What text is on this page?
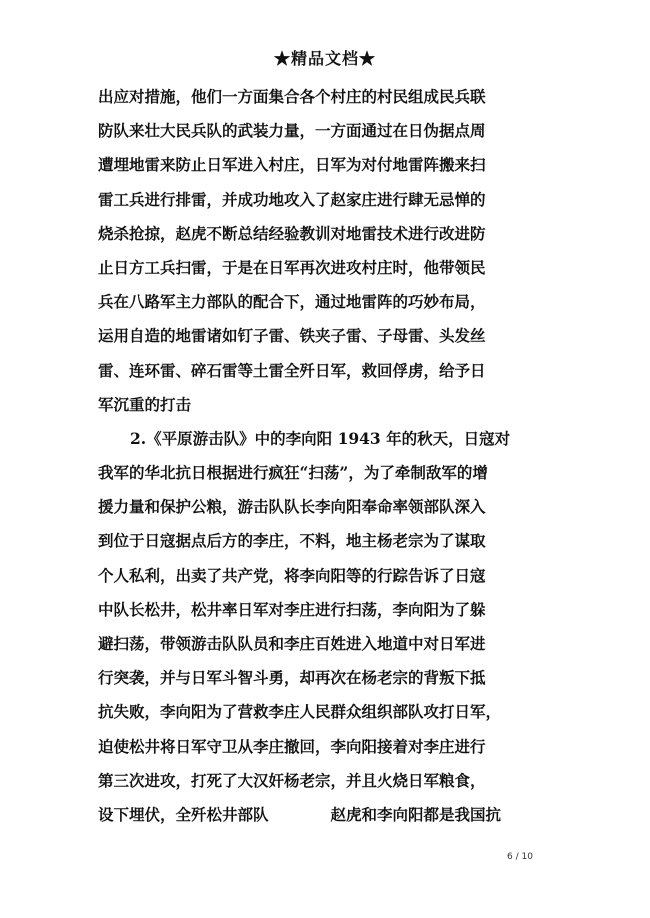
★精品文档★
出应对措施，他们一方面集合各个村庄的村民组成民兵联
防队来壮大民兵队的武装力量，一方面通过在日伪据点周
遭埋地雷来防止日军进入村庄，日军为对付地雷阵搬来扫
雷工兵进行排雷，并成功地攻入了赵家庄进行肆无忌惮的
烧杀抢掠，赵虎不断总结经验教训对地雷技术进行改进防
止日方工兵扫雷，于是在日军再次进攻村庄时，他带领民
兵在八路军主力部队的配合下，通过地雷阵的巧妙布局，
运用自造的地雷诸如钉子雷、铁夹子雷、子母雷、头发丝
雷、连环雷、碎石雷等土雷全歼日军，救回俘虏，给予日
军沉重的打击
2.《平原游击队》中的李向阳 1943 年的秋天，日寇对
我军的华北抗日根据进行疯狂“扫荡”，为了牵制敌军的增
援力量和保护公粮，游击队队长李向阳奉命率领部队深入
到位于日寇据点后方的李庄，不料，地主杨老宗为了谋取
个人私利，出卖了共产党，将李向阳等的行踪告诉了日寇
中队长松井，松井率日军对李庄进行扫荡，李向阳为了躲
避扫荡，带领游击队队员和李庄百姓进入地道中对日军进
行突袭，并与日军斗智斗勇，却再次在杨老宗的背叛下抵
抗失败，李向阳为了营救李庄人民群众组织部队攻打日军，
迫使松井将日军守卫从李庄撤回，李向阳接着对李庄进行
第三次进攻，打死了大汉奸杨老宗，并且火烧日军粮食，
设下埋伏，全歼松井部队　　　　赵虎和李向阳都是我国抗
6 / 10
